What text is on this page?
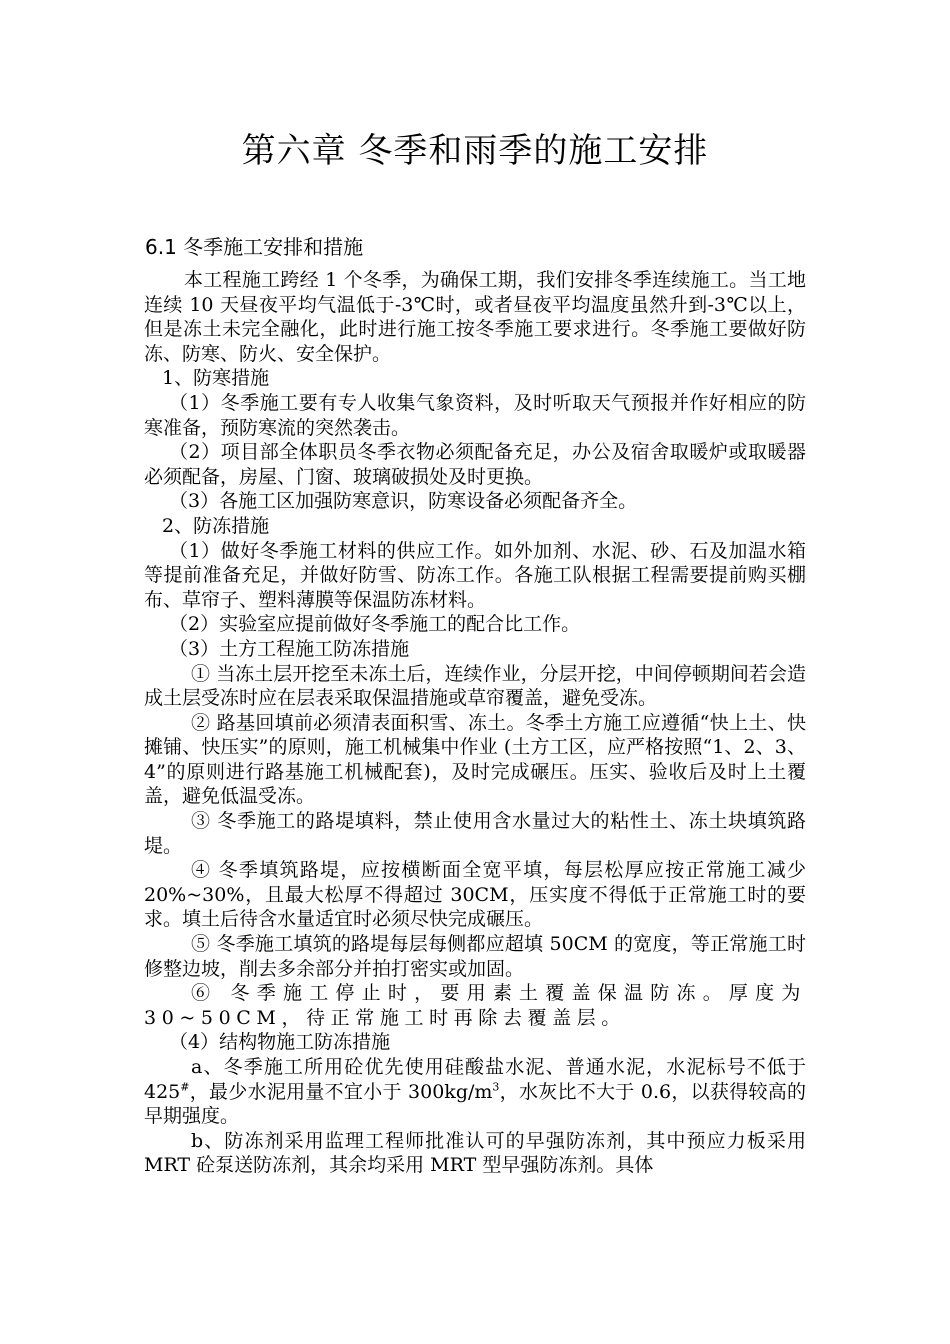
第六章 冬季和雨季的施工安排
6.1 冬季施工安排和措施

本工程施工跨经 1 个冬季，为确保工期，我们安排冬季连续施工。当工地连续 10 天昼夜平均气温低于-3℃时，或者昼夜平均温度虽然升到-3℃以上，但是冻土未完全融化，此时进行施工按冬季施工要求进行。冬季施工要做好防冻、防寒、防火、安全保护。

1、防寒措施

（1）冬季施工要有专人收集气象资料，及时听取天气预报并作好相应的防寒准备，预防寒流的突然袭击。

（2）项目部全体职员冬季衣物必须配备充足，办公及宿舍取暖炉或取暖器必须配备，房屋、门窗、玻璃破损处及时更换。

（3）各施工区加强防寒意识，防寒设备必须配备齐全。

2、防冻措施

（1）做好冬季施工材料的供应工作。如外加剂、水泥、砂、石及加温水箱等提前准备充足，并做好防雪、防冻工作。各施工队根据工程需要提前购买棚布、草帘子、塑料薄膜等保温防冻材料。

（2）实验室应提前做好冬季施工的配合比工作。

（3）土方工程施工防冻措施

① 当冻土层开挖至未冻土后，连续作业，分层开挖，中间停顿期间若会造成土层受冻时应在层表采取保温措施或草帘覆盖，避免受冻。

② 路基回填前必须清表面积雪、冻土。冬季土方施工应遵循“快上土、快摊铺、快压实”的原则，施工机械集中作业 (土方工区，应严格按照“1、2、3、4”的原则进行路基施工机械配套)，及时完成碾压。压实、验收后及时上土覆盖，避免低温受冻。

③ 冬季施工的路堤填料，禁止使用含水量过大的粘性土、冻土块填筑路堤。

④ 冬季填筑路堤，应按横断面全宽平填，每层松厚应按正常施工减少 20%~30%，且最大松厚不得超过 30CM，压实度不得低于正常施工时的要求。填土后待含水量适宜时必须尽快完成碾压。

⑤ 冬季施工填筑的路堤每层每侧都应超填 50CM 的宽度，等正常施工时修整边坡，削去多余部分并拍打密实或加固。

⑥ 冬季施工停止时，要用素土覆盖保温防冻。厚度为30~50CM，待正常施工时再除去覆盖层。

（4）结构物施工防冻措施

a、冬季施工所用砼优先使用硅酸盐水泥、普通水泥，水泥标号不低于 425#，最少水泥用量不宜小于 $300kg/m^3$，水灰比不大于 0.6，以获得较高的早期强度。

b、防冻剂采用监理工程师批准认可的早强防冻剂，其中预应力板采用 MRT 砼泵送防冻剂，其余均采用 MRT 型早强防冻剂。具体
